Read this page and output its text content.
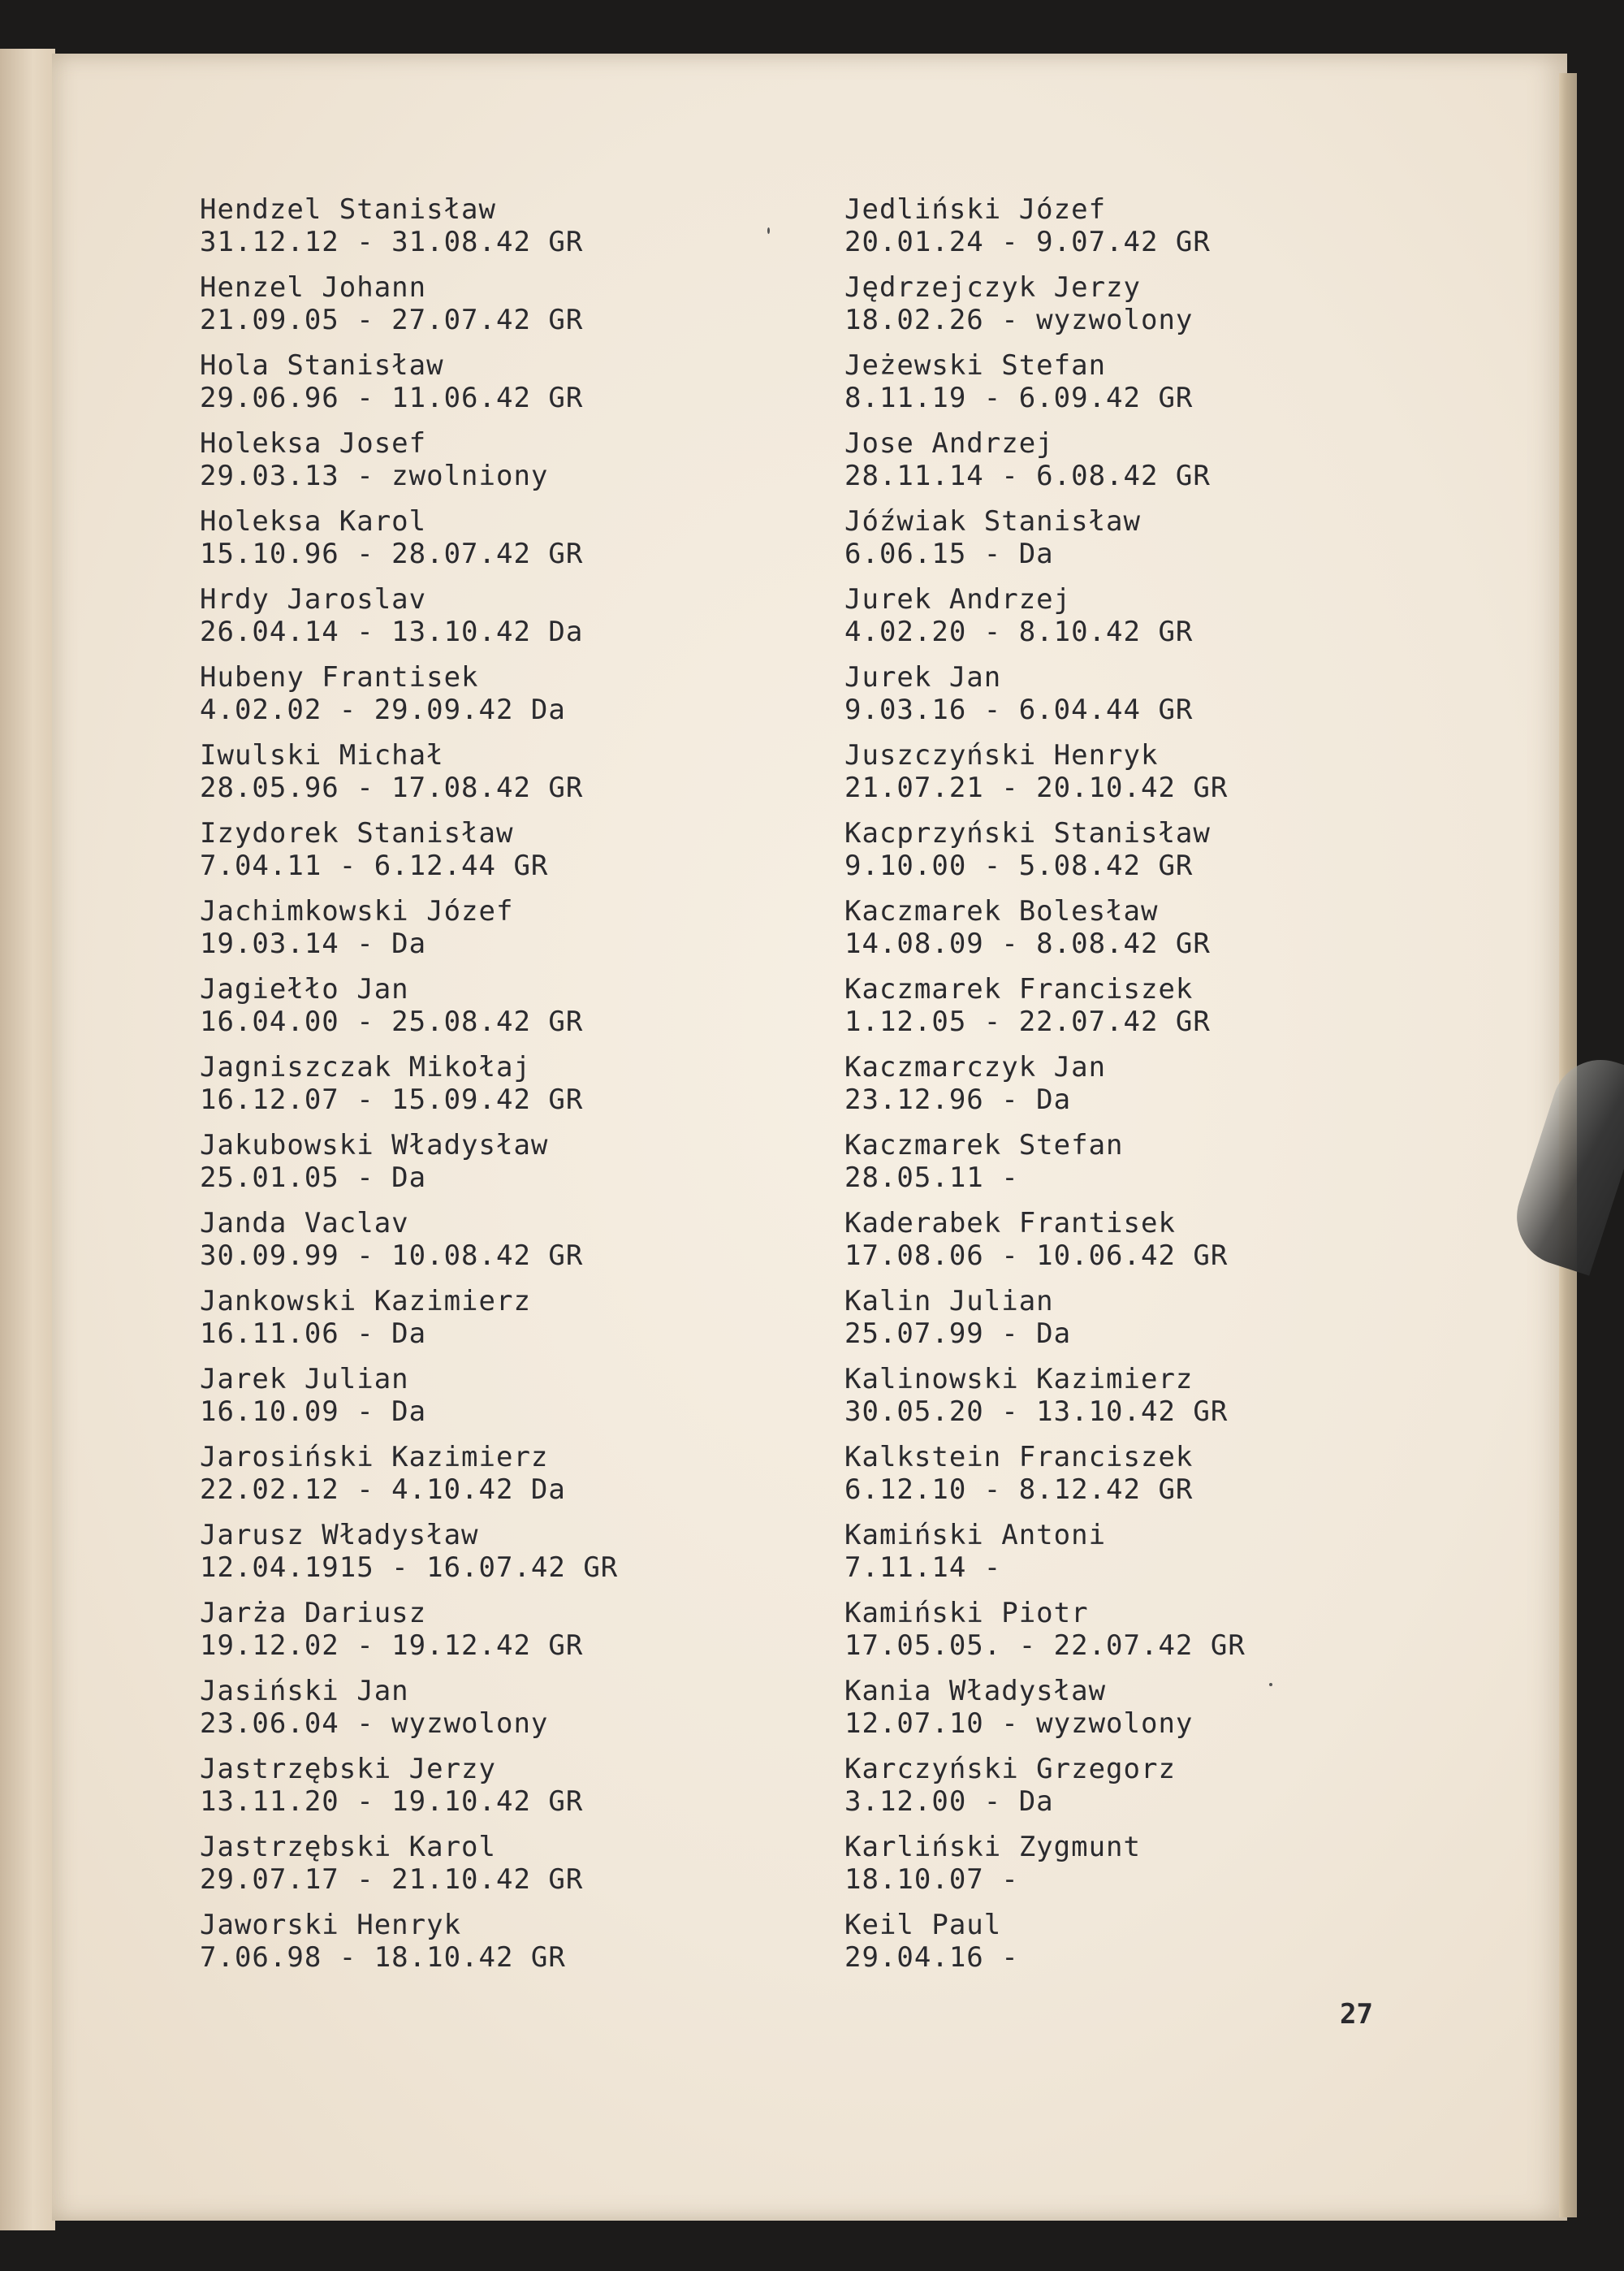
Hendzel Stanisław
31.12.12 - 31.08.42 GR
Henzel Johann
21.09.05 - 27.07.42 GR
Hola Stanisław
29.06.96 - 11.06.42 GR
Holeksa Josef
29.03.13 - zwolniony
Holeksa Karol
15.10.96 - 28.07.42 GR
Hrdy Jaroslav
26.04.14 - 13.10.42 Da
Hubeny Frantisek
4.02.02 - 29.09.42 Da
Iwulski Michał
28.05.96 - 17.08.42 GR
Izydorek Stanisław
7.04.11 - 6.12.44 GR
Jachimkowski Józef
19.03.14 - Da
Jagiełło Jan
16.04.00 - 25.08.42 GR
Jagniszczak Mikołaj
16.12.07 - 15.09.42 GR
Jakubowski Władysław
25.01.05 - Da
Janda Vaclav
30.09.99 - 10.08.42 GR
Jankowski Kazimierz
16.11.06 - Da
Jarek Julian
16.10.09 - Da
Jarosiński Kazimierz
22.02.12 - 4.10.42 Da
Jarusz Władysław
12.04.1915 - 16.07.42 GR
Jarża Dariusz
19.12.02 - 19.12.42 GR
Jasiński Jan
23.06.04 - wyzwolony
Jastrzębski Jerzy
13.11.20 - 19.10.42 GR
Jastrzębski Karol
29.07.17 - 21.10.42 GR
Jaworski Henryk
7.06.98 - 18.10.42 GR
Jedliński Józef
20.01.24 - 9.07.42 GR
Jędrzejczyk Jerzy
18.02.26 - wyzwolony
Jeżewski Stefan
8.11.19 - 6.09.42 GR
Jose Andrzej
28.11.14 - 6.08.42 GR
Jóźwiak Stanisław
6.06.15 - Da
Jurek Andrzej
4.02.20 - 8.10.42 GR
Jurek Jan
9.03.16 - 6.04.44 GR
Juszczyński Henryk
21.07.21 - 20.10.42 GR
Kacprzyński Stanisław
9.10.00 - 5.08.42 GR
Kaczmarek Bolesław
14.08.09 - 8.08.42 GR
Kaczmarek Franciszek
1.12.05 - 22.07.42 GR
Kaczmarczyk Jan
23.12.96 - Da
Kaczmarek Stefan
28.05.11 -
Kaderabek Frantisek
17.08.06 - 10.06.42 GR
Kalin Julian
25.07.99 - Da
Kalinowski Kazimierz
30.05.20 - 13.10.42 GR
Kalkstein Franciszek
6.12.10 - 8.12.42 GR
Kamiński Antoni
7.11.14 -
Kamiński Piotr
17.05.05. - 22.07.42 GR
Kania Władysław
12.07.10 - wyzwolony
Karczyński Grzegorz
3.12.00 - Da
Karliński Zygmunt
18.10.07 -
Keil Paul
29.04.16 -
27
